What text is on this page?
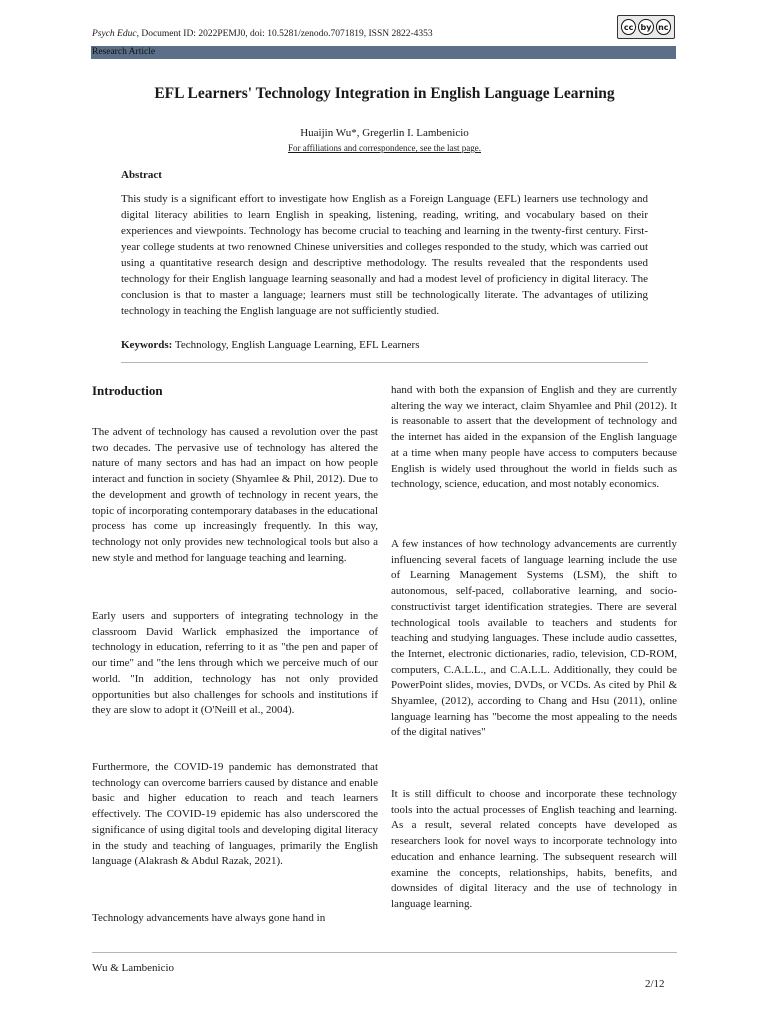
Psych Educ, Document ID: 2022PEMJ0, doi: 10.5281/zenodo.7071819, ISSN 2822-4353
cc by nc
Research Article
EFL Learners' Technology Integration in English Language Learning
Huaijin Wu*, Gregerlin I. Lambenicio
For affiliations and correspondence, see the last page.
Abstract
This study is a significant effort to investigate how English as a Foreign Language (EFL) learners use technology and digital literacy abilities to learn English in speaking, listening, reading, writing, and vocabulary based on their experiences and viewpoints. Technology has become crucial to teaching and learning in the twenty-first century. First-year college students at two renowned Chinese universities and colleges responded to the study, which was carried out using a quantitative research design and descriptive methodology. The results revealed that the respondents used technology for their English language learning seasonally and had a modest level of proficiency in digital literacy. The conclusion is that to master a language; learners must still be technologically literate. The advantages of utilizing technology in teaching the English language are not sufficiently studied.
Keywords: Technology, English Language Learning, EFL Learners
Introduction

The advent of technology has caused a revolution over the past two decades. The pervasive use of technology has altered the nature of many sectors and has had an impact on how people interact and function in society (Shyamlee & Phil, 2012). Due to the development and growth of technology in recent years, the topic of incorporating contemporary databases in the educational process has come up increasingly frequently. In this way, technology not only provides new technological tools but also a new style and method for language teaching and learning.

Early users and supporters of integrating technology in the classroom David Warlick emphasized the importance of technology in education, referring to it as "the pen and paper of our time" and "the lens through which we perceive much of our world. "In addition, technology has not only provided opportunities but also challenges for schools and institutions if they are slow to adopt it (O'Neill et al., 2004).

Furthermore, the COVID-19 pandemic has demonstrated that technology can overcome barriers caused by distance and enable basic and higher education to reach and teach learners effectively. The COVID-19 epidemic has also underscored the significance of using digital tools and developing digital literacy in the study and teaching of languages, primarily the English language (Alakrash & Abdul Razak, 2021).

Technology advancements have always gone hand in

hand with both the expansion of English and they are currently altering the way we interact, claim Shyamlee and Phil (2012). It is reasonable to assert that the development of technology and the internet has aided in the expansion of the English language at a time when many people have access to computers because English is widely used throughout the world in fields such as technology, science, education, and most notably economics.

A few instances of how technology advancements are currently influencing several facets of language learning include the use of Learning Management Systems (LSM), the shift to autonomous, self-paced, collaborative learning, and socio-constructivist target identification strategies. There are several technological tools available to teachers and students for teaching and studying languages. These include audio cassettes, the Internet, electronic dictionaries, radio, television, CD-ROM, computers, C.A.L.L., and C.A.L.L. Additionally, they could be PowerPoint slides, movies, DVDs, or VCDs. As cited by Phil & Shyamlee, (2012), according to Chang and Hsu (2011), online language learning has "become the most appealing to the needs of the digital natives"

It is still difficult to choose and incorporate these technology tools into the actual processes of English teaching and learning. As a result, several related concepts have developed as researchers look for novel ways to incorporate technology into education and enhance learning. The subsequent research will examine the concepts, relationships, habits, benefits, and downsides of digital literacy and the use of technology in language learning.

Wu & Lambenicio
2/12
